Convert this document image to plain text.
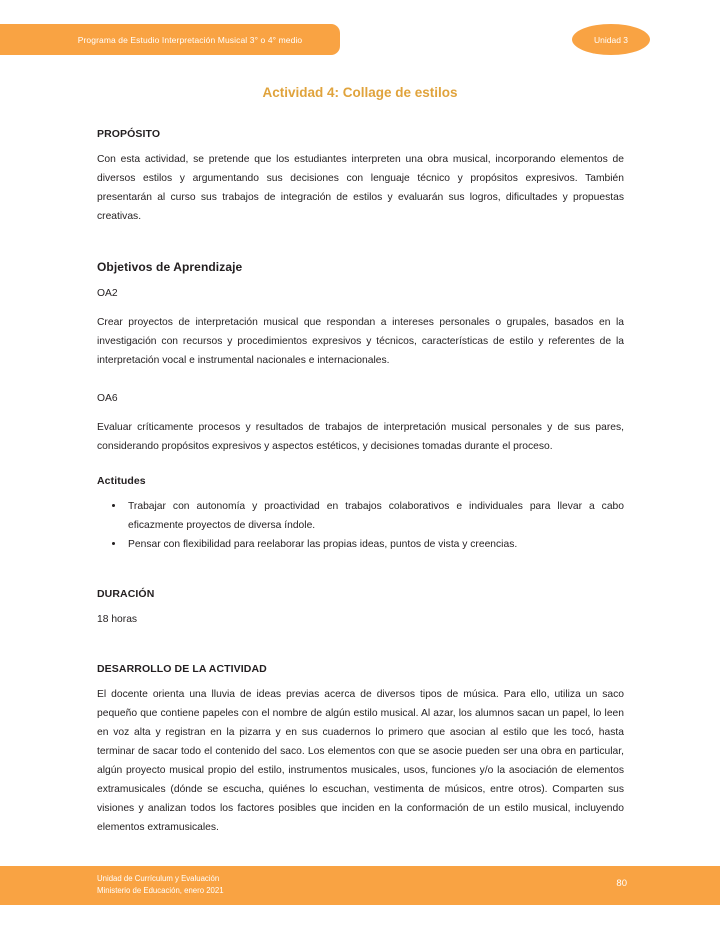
Programa de Estudio Interpretación Musical 3° o 4° medio	Unidad 3
Actividad 4: Collage de estilos
PROPÓSITO

Con esta actividad, se pretende que los estudiantes interpreten una obra musical, incorporando elementos de diversos estilos y argumentando sus decisiones con lenguaje técnico y propósitos expresivos. También presentarán al curso sus trabajos de integración de estilos y evaluarán sus logros, dificultades y propuestas creativas.

Objetivos de Aprendizaje
OA2

Crear proyectos de interpretación musical que respondan a intereses personales o grupales, basados en la investigación con recursos y procedimientos expresivos y técnicos, características de estilo y referentes de la interpretación vocal e instrumental nacionales e internacionales.

OA6

Evaluar críticamente procesos y resultados de trabajos de interpretación musical personales y de sus pares, considerando propósitos expresivos y aspectos estéticos, y decisiones tomadas durante el proceso.

Actitudes
Trabajar con autonomía y proactividad en trabajos colaborativos e individuales para llevar a cabo eficazmente proyectos de diversa índole.
Pensar con flexibilidad para reelaborar las propias ideas, puntos de vista y creencias.
DURACIÓN

18 horas

DESARROLLO DE LA ACTIVIDAD

El docente orienta una lluvia de ideas previas acerca de diversos tipos de música. Para ello, utiliza un saco pequeño que contiene papeles con el nombre de algún estilo musical. Al azar, los alumnos sacan un papel, lo leen en voz alta y registran en la pizarra y en sus cuadernos lo primero que asocian al estilo que les tocó, hasta terminar de sacar todo el contenido del saco. Los elementos con que se asocie pueden ser una obra en particular, algún proyecto musical propio del estilo, instrumentos musicales, usos, funciones y/o la asociación de elementos extramusicales (dónde se escucha, quiénes lo escuchan, vestimenta de músicos, entre otros). Comparten sus visiones y analizan todos los factores posibles que inciden en la conformación de un estilo musical, incluyendo elementos extramusicales.

Unidad de Currículum y Evaluación
Ministerio de Educación, enero 2021
80
